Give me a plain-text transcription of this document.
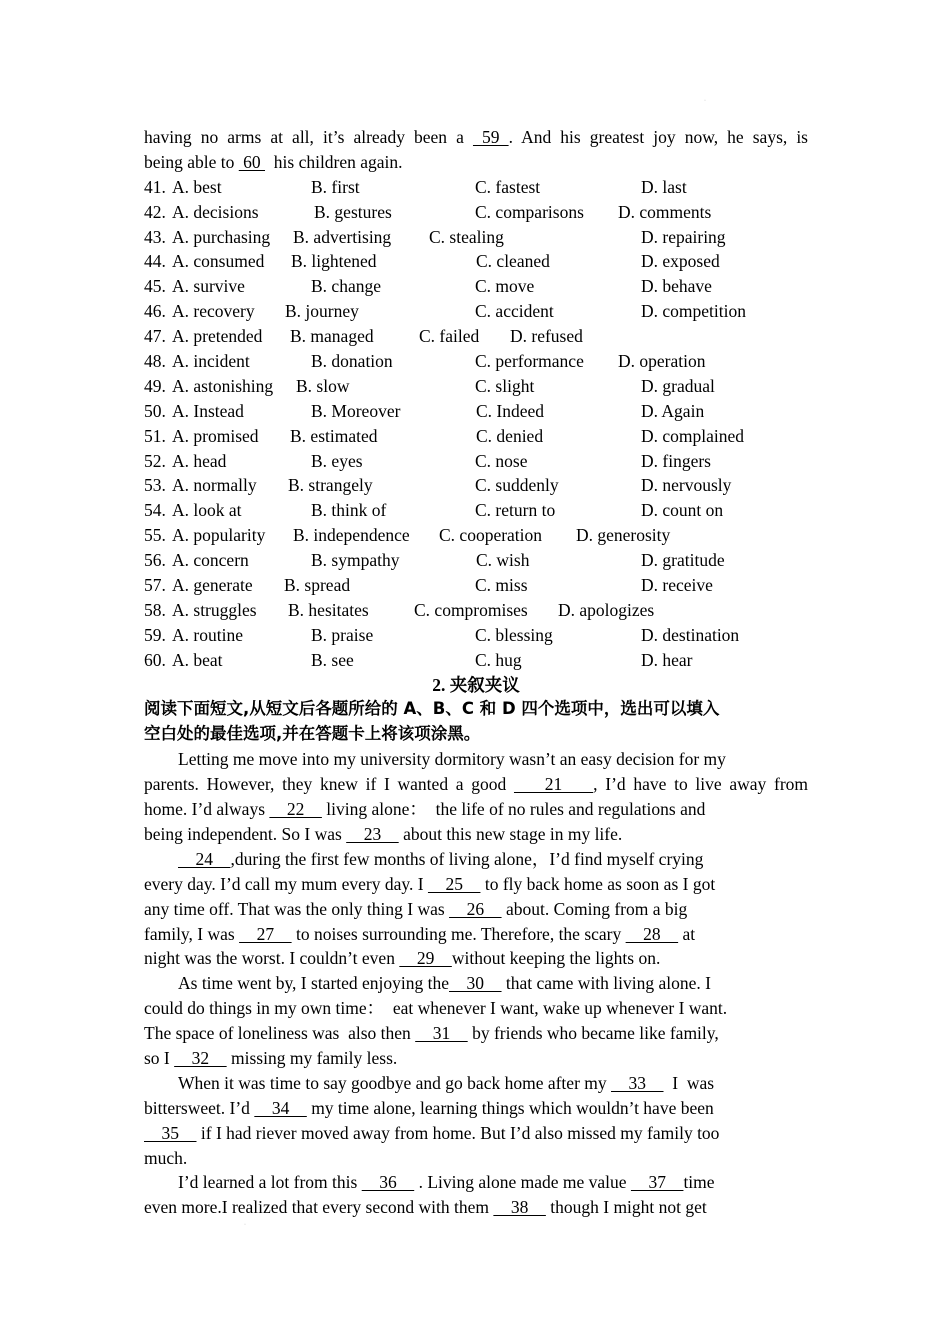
·
·
having no arms at all, it’s already been a  59 . And his greatest joy now, he says, is
being able to  60   his children again.
41. A. best	B. first	C. fastest	D. last
42. A. decisions	B. gestures	C. comparisons D. comments
43. A. purchasing B. advertising C. stealing	D. repairing
44. A. consumed B. lightened	C. cleaned	D. exposed
45. A. survive	B. change	C. move	D. behave
46. A. recovery B. journey	C. accident	D. competition
47. A. pretended B. managed	C. failed D. refused
48. A. incident	B. donation	C. performance D. operation
49. A. astonishing B. slow	C. slight	D. gradual
50. A. Instead	B. Moreover	C. Indeed	D. Again
51. A. promised B. estimated	C. denied	D. complained
52. A. head	B. eyes	C. nose	D. fingers
53. A. normally B. strangely	C. suddenly	D. nervously
54. A. look at	B. think of	C. return to	D. count on
55. A. popularity B. independence C. cooperation D. generosity
56. A. concern	B. sympathy	C. wish	D. gratitude
57. A. generate B. spread	C. miss	D. receive
58. A. struggles B. hesitates	C. compromises D. apologizes
59. A. routine	B. praise	C. blessing	D. destination
60. A. beat	B. see	C. hug	D. hear
2. 夹叙夹议
阅读下面短文,从短文后各题所给的 A、B、C 和 D 四个选项中，选出可以填入
空白处的最佳选项,并在答题卡上将该项涂黑。
Letting me move into my university dormitory wasn’t an easy decision for my
parents. However, they knew if I wanted a good     21    , I’d have to live away from
home. I’d always     22     living alone：  the life of no rules and regulations and
being independent. So I was     23     about this new stage in my life.
24    ,during the first few months of living alone，I’d find myself crying
every day. I’d call my mum every day. I     25     to fly back home as soon as I got
any time off. That was the only thing I was     26     about. Coming from a big
family, I was     27     to noises surrounding me. Therefore, the scary     28     at
night was the worst. I couldn’t even     29    without keeping the lights on.
As time went by, I started enjoying the    30     that came with living alone. I
could do things in my own time：  eat whenever I want, wake up whenever I want.
The space of loneliness was  also then     31     by friends who became like family,
so I     32     missing my family less.
When it was time to say goodbye and go back home after my     33      I  was
bittersweet. I’d     34     my time alone, learning things which wouldn’t have been
35     if I had riever moved away from home. But I’d also missed my family too
much.
I’d learned a lot from this     36     . Living alone made me value     37    time
even more.I realized that every second with them     38     though I might not get
